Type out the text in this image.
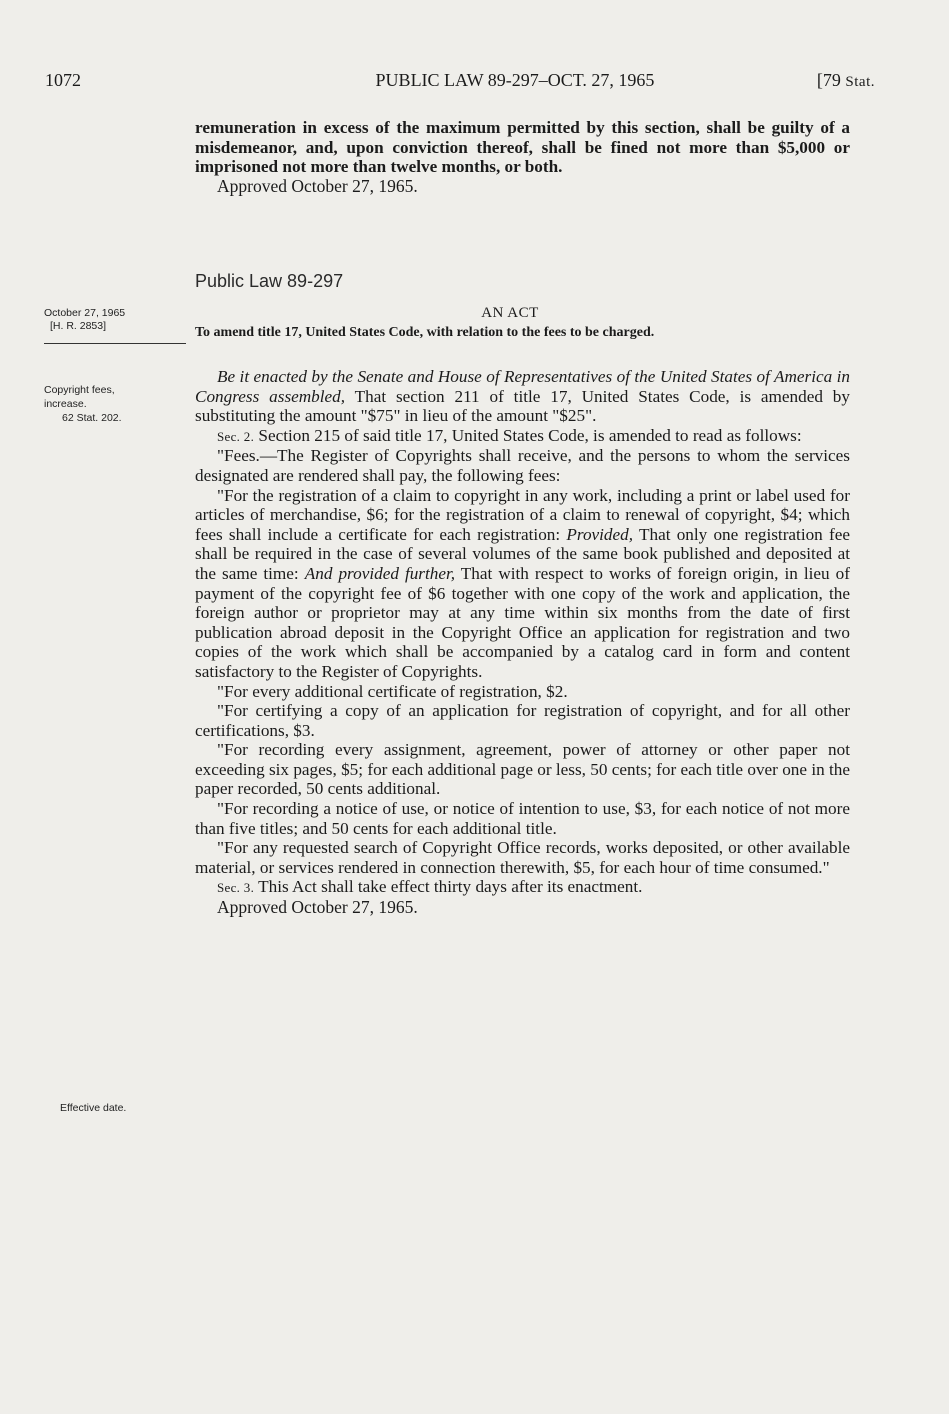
1072	PUBLIC LAW 89-297–OCT. 27, 1965	[79 Stat.

remuneration in excess of the maximum permitted by this section, shall be guilty of a misdemeanor, and, upon conviction thereof, shall be fined not more than $5,000 or imprisoned not more than twelve months, or both.

Approved October 27, 1965.

Public Law 89-297
AN ACT
To amend title 17, United States Code, with relation to the fees to be charged.
October 27, 1965
[H. R. 2853]
Copyright fees,
increase.
62 Stat. 202.
Effective date.

Be it enacted by the Senate and House of Representatives of the United States of America in Congress assembled, That section 211 of title 17, United States Code, is amended by substituting the amount "$75" in lieu of the amount "$25".

Sec. 2. Section 215 of said title 17, United States Code, is amended to read as follows:

"Fees.—The Register of Copyrights shall receive, and the persons to whom the services designated are rendered shall pay, the following fees:

"For the registration of a claim to copyright in any work, including a print or label used for articles of merchandise, $6; for the registration of a claim to renewal of copyright, $4; which fees shall include a certificate for each registration: Provided, That only one registration fee shall be required in the case of several volumes of the same book published and deposited at the same time: And provided further, That with respect to works of foreign origin, in lieu of payment of the copyright fee of $6 together with one copy of the work and application, the foreign author or proprietor may at any time within six months from the date of first publication abroad deposit in the Copyright Office an application for registration and two copies of the work which shall be accompanied by a catalog card in form and content satisfactory to the Register of Copyrights.

"For every additional certificate of registration, $2.

"For certifying a copy of an application for registration of copyright, and for all other certifications, $3.

"For recording every assignment, agreement, power of attorney or other paper not exceeding six pages, $5; for each additional page or less, 50 cents; for each title over one in the paper recorded, 50 cents additional.

"For recording a notice of use, or notice of intention to use, $3, for each notice of not more than five titles; and 50 cents for each additional title.

"For any requested search of Copyright Office records, works deposited, or other available material, or services rendered in connection therewith, $5, for each hour of time consumed."

Sec. 3. This Act shall take effect thirty days after its enactment.

Approved October 27, 1965.
